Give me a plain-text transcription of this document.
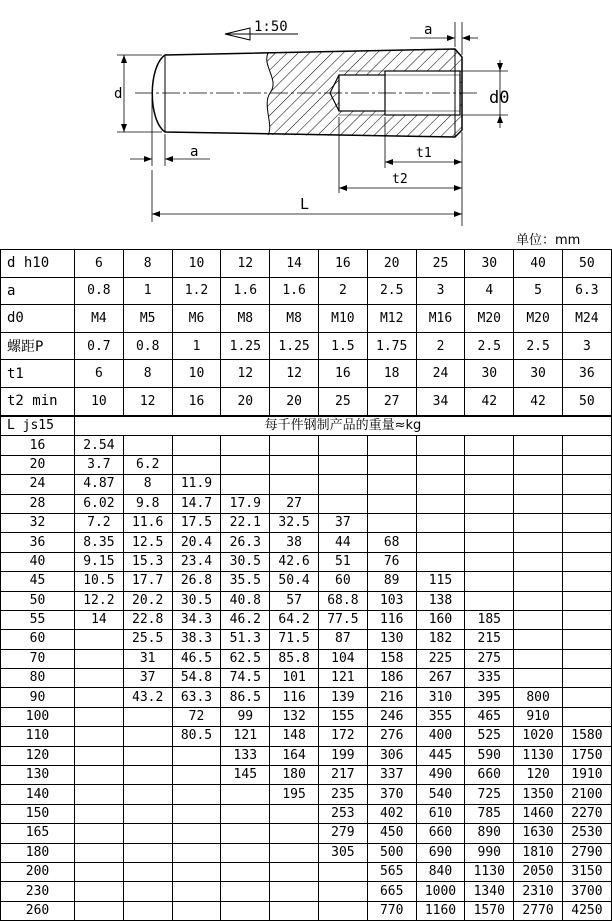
1:50	a
d	d0
a	t1
t2
L
单位：mm
d h10	6	8	10	12	14	16	20	25	30	40	50
a	0.8	1	1.2	1.6	1.6	2	2.5	3	4	5	6.3
d0	M4	M5	M6	M8	M8	M10	M12	M16	M20	M20	M24
螺距P	0.7	0.8	1	1.25	1.25	1.5	1.75	2	2.5	2.5	3
t1	6	8	10	12	12	16	18	24	30	30	36
t2 min	10	12	16	20	20	25	27	34	42	42	50
L js15	每千件钢制产品的重量≈kg										
16	2.54										
20	3.7	6.2									
24	4.87	8	11.9								
28	6.02	9.8	14.7	17.9	27						
32	7.2	11.6	17.5	22.1	32.5	37					
36	8.35	12.5	20.4	26.3	38	44	68				
40	9.15	15.3	23.4	30.5	42.6	51	76				
45	10.5	17.7	26.8	35.5	50.4	60	89	115			
50	12.2	20.2	30.5	40.8	57	68.8	103	138			
55	14	22.8	34.3	46.2	64.2	77.5	116	160	185		
60		25.5	38.3	51.3	71.5	87	130	182	215		
70		31	46.5	62.5	85.8	104	158	225	275		
80		37	54.8	74.5	101	121	186	267	335		
90		43.2	63.3	86.5	116	139	216	310	395	800	
100			72	99	132	155	246	355	465	910	
110			80.5	121	148	172	276	400	525	1020	1580
120				133	164	199	306	445	590	1130	1750
130				145	180	217	337	490	660	120	1910
140					195	235	370	540	725	1350	2100
150						253	402	610	785	1460	2270
165						279	450	660	890	1630	2530
180						305	500	690	990	1810	2790
200							565	840	1130	2050	3150
230							665	1000	1340	2310	3700
260							770	1160	1570	2770	4250
